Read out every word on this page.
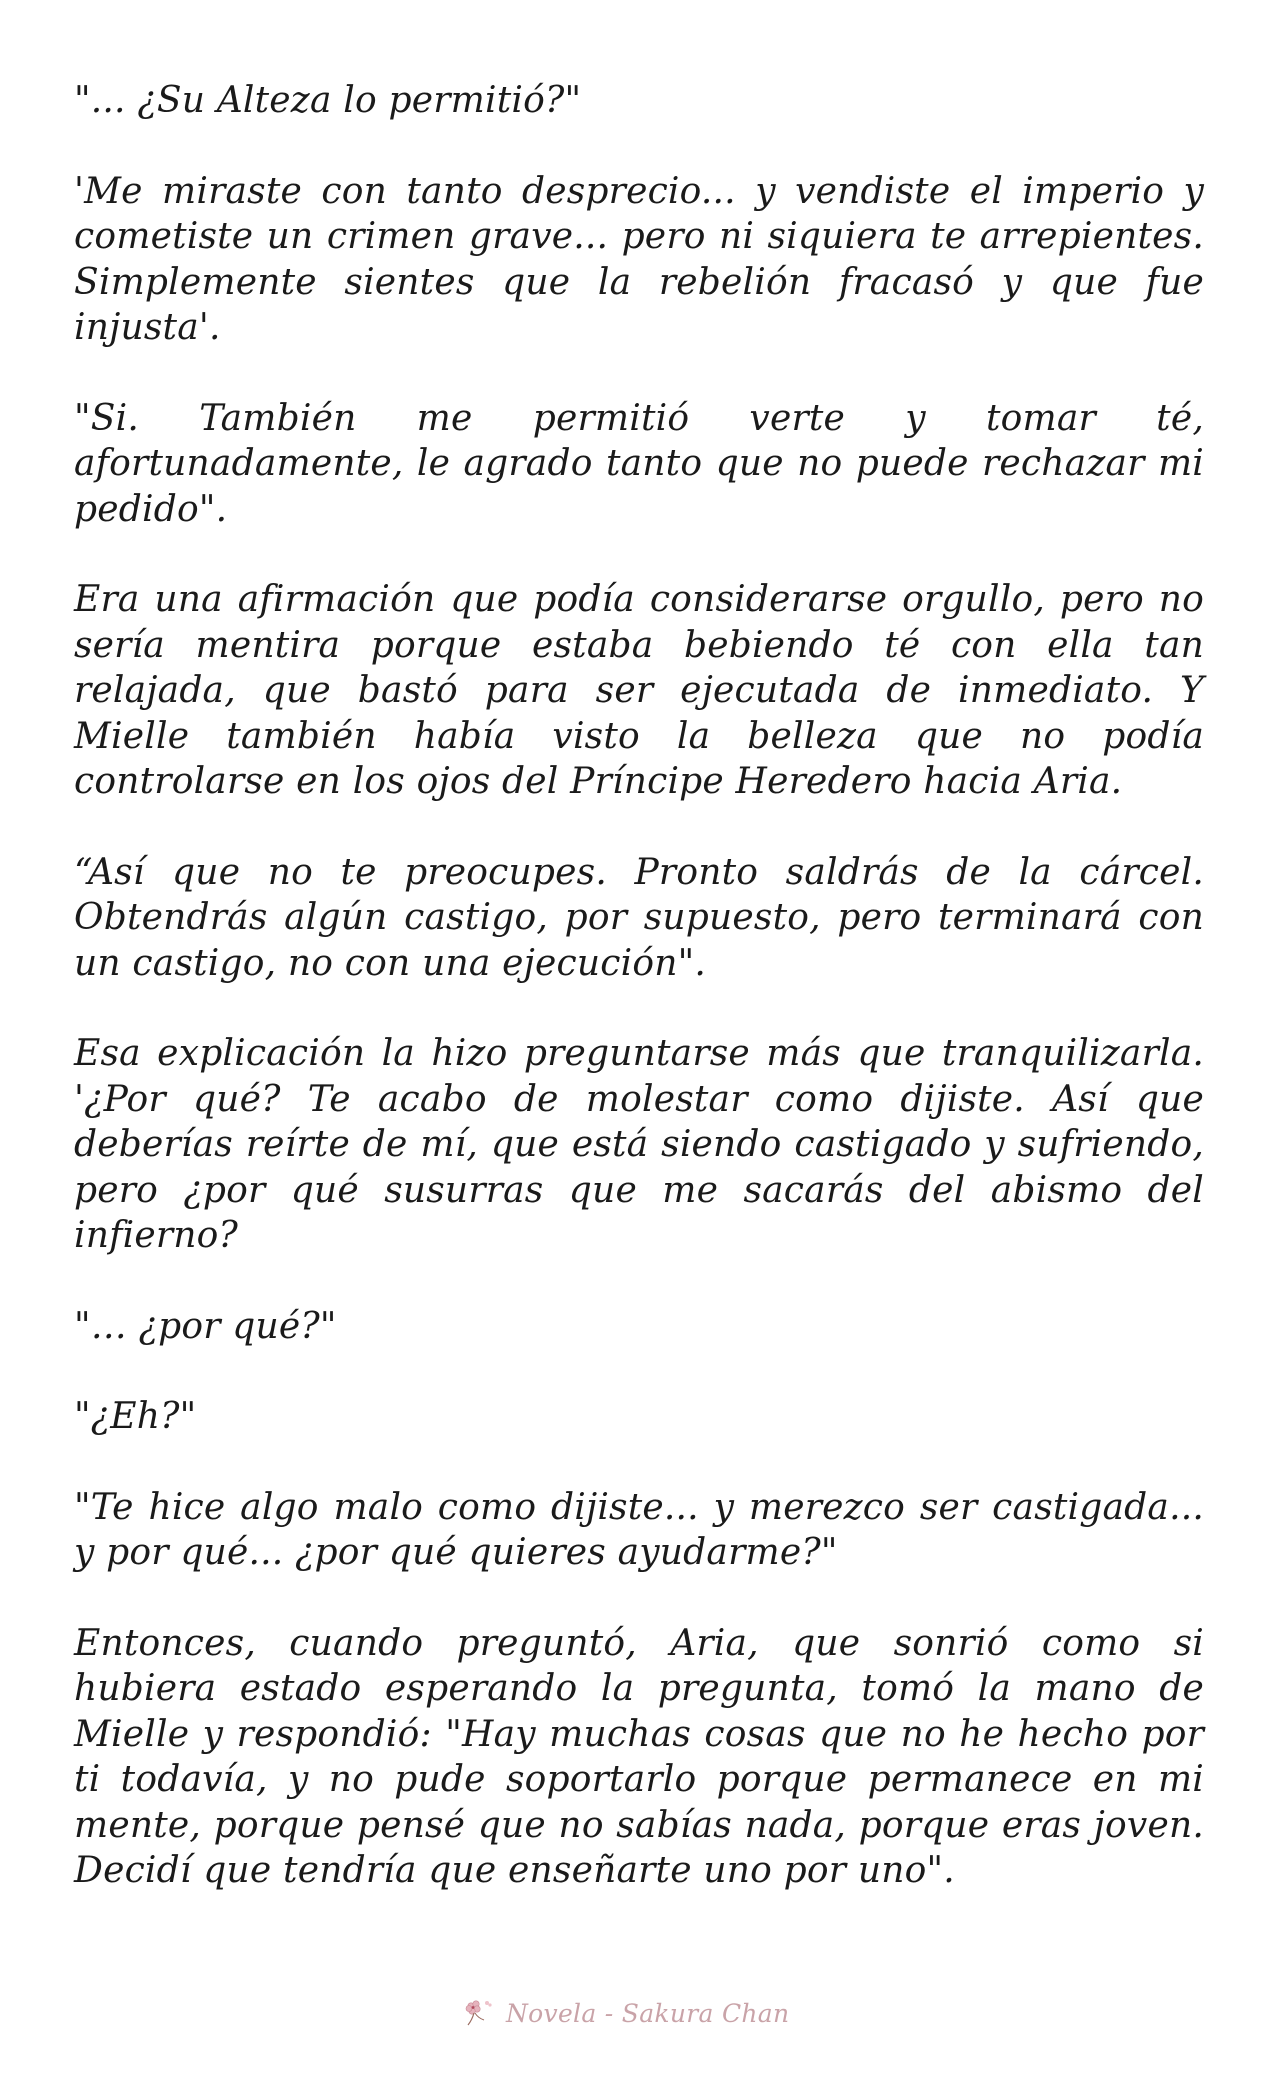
"... ¿Su Alteza lo permitió?"

'Me miraste con tanto desprecio... y vendiste el imperio y cometiste un crimen grave... pero ni siquiera te arrepientes. Simplemente sientes que la rebelión fracasó y que fue injusta'.

"Si. También me permitió verte y tomar té, afortunadamente, le agrado tanto que no puede rechazar mi pedido".

Era una afirmación que podía considerarse orgullo, pero no sería mentira porque estaba bebiendo té con ella tan relajada, que bastó para ser ejecutada de inmediato. Y Mielle también había visto la belleza que no podía controlarse en los ojos del Príncipe Heredero hacia Aria.

“Así que no te preocupes. Pronto saldrás de la cárcel. Obtendrás algún castigo, por supuesto, pero terminará con un castigo, no con una ejecución".

Esa explicación la hizo preguntarse más que tranquilizarla. '¿Por qué? Te acabo de molestar como dijiste. Así que deberías reírte de mí, que está siendo castigado y sufriendo, pero ¿por qué susurras que me sacarás del abismo del infierno?

"… ¿por qué?"

"¿Eh?"

"Te hice algo malo como dijiste... y merezco ser castigada... y por qué... ¿por qué quieres ayudarme?"

Entonces, cuando preguntó, Aria, que sonrió como si hubiera estado esperando la pregunta, tomó la mano de Mielle y respondió: "Hay muchas cosas que no he hecho por ti todavía, y no pude soportarlo porque permanece en mi mente, porque pensé que no sabías nada, porque eras joven. Decidí que tendría que enseñarte uno por uno".

Novela - Sakura Chan
